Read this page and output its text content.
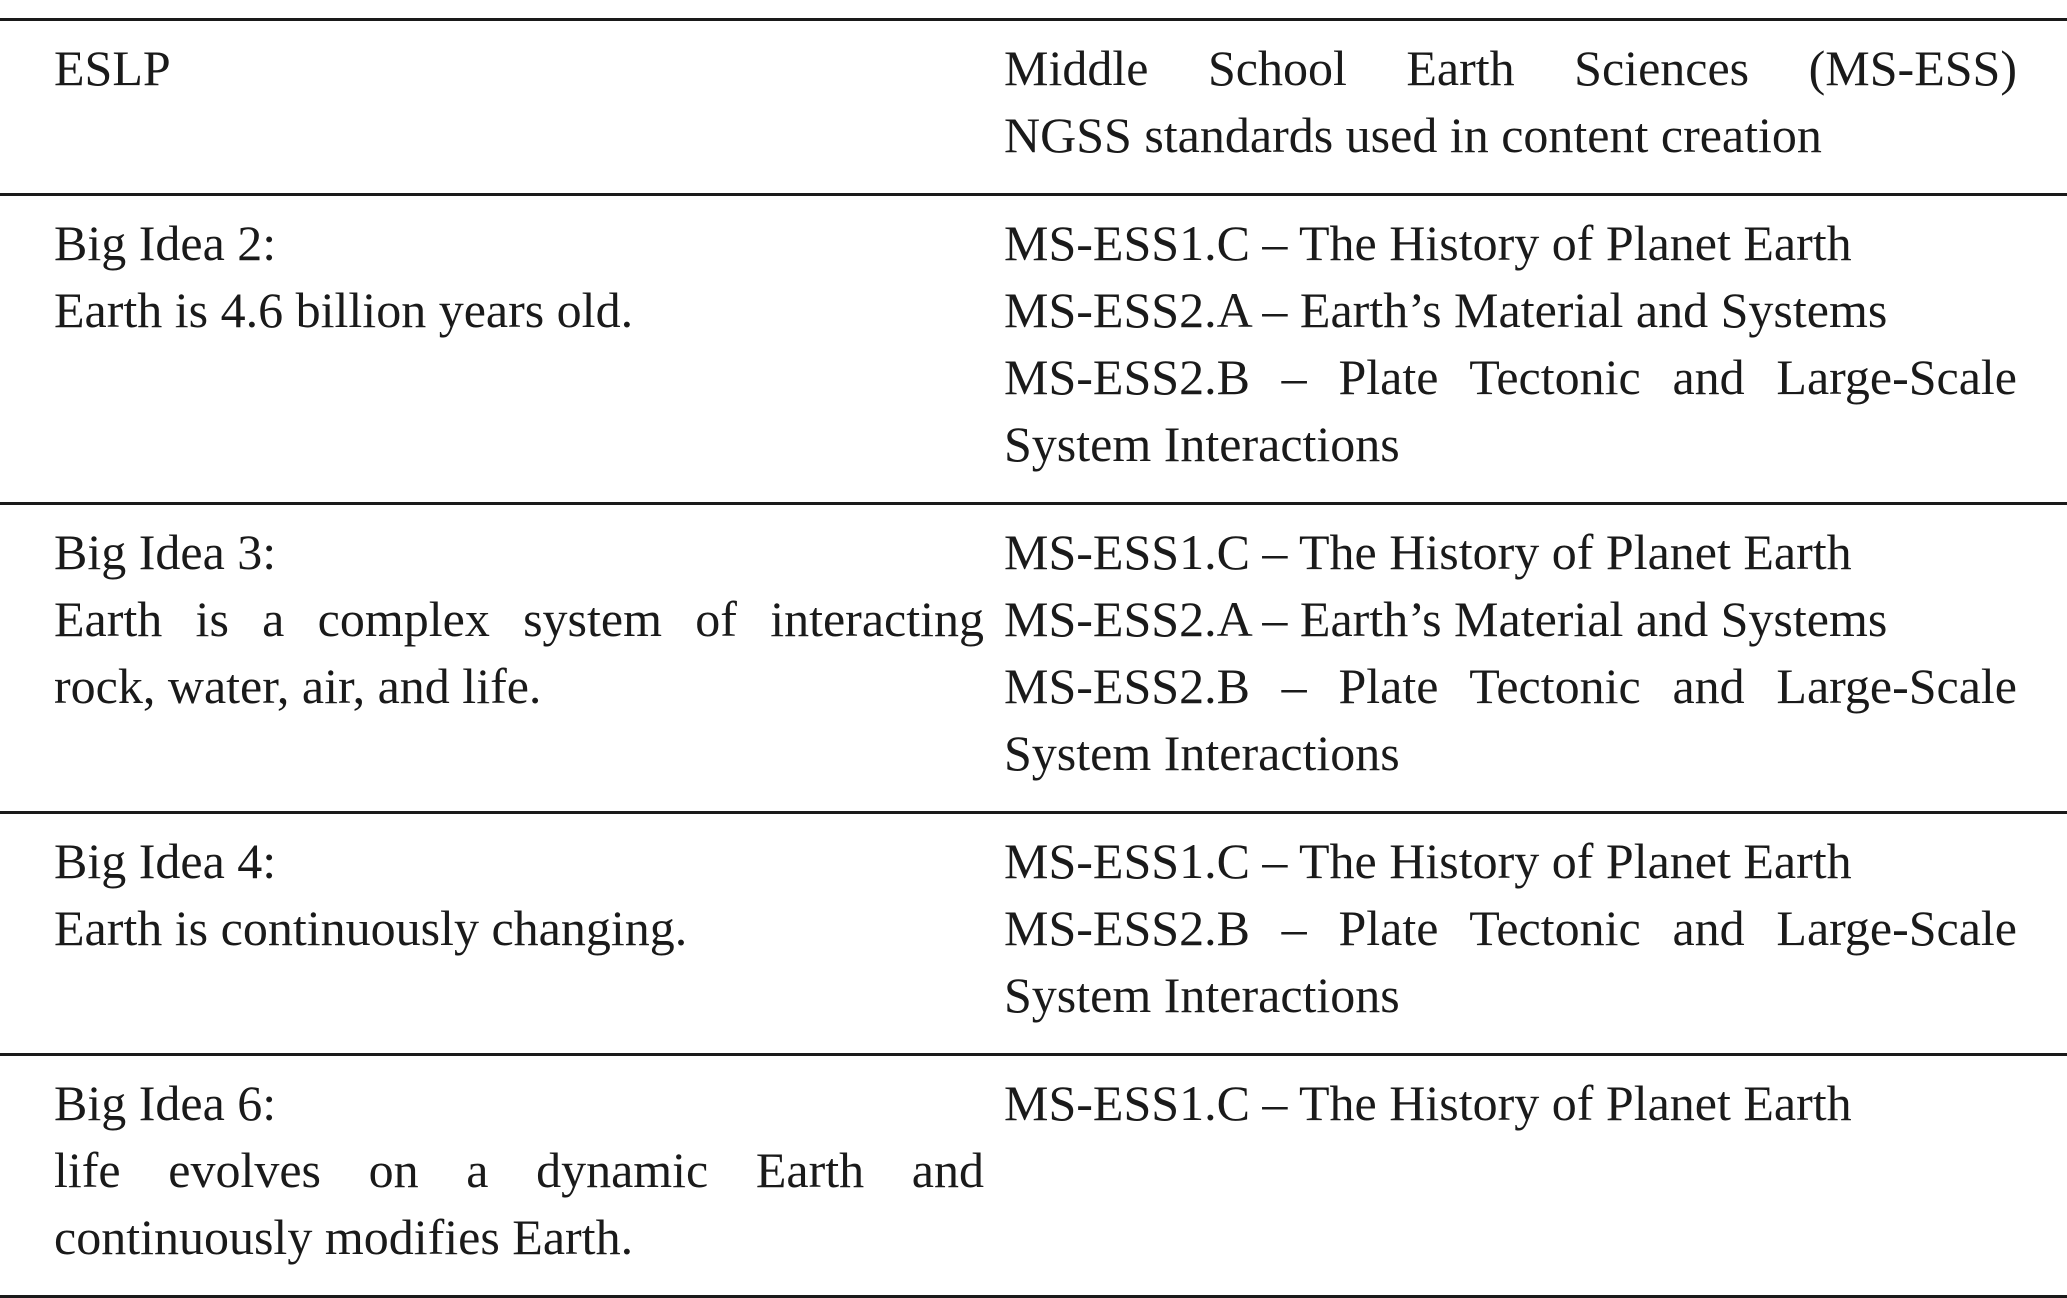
ESLP	Middle School Earth Sciences (MS-ESS)
NGSS standards used in content creation

Big Idea 2:
Earth is 4.6 billion years old.	MS-ESS1.C – The History of Planet Earth
MS-ESS2.A – Earth’s Material and Systems
MS-ESS2.B – Plate Tectonic and Large-Scale
System Interactions

Big Idea 3:
Earth is a complex system of interacting
rock, water, air, and life.	MS-ESS1.C – The History of Planet Earth
MS-ESS2.A – Earth’s Material and Systems
MS-ESS2.B – Plate Tectonic and Large-Scale
System Interactions

Big Idea 4:
Earth is continuously changing.	MS-ESS1.C – The History of Planet Earth
MS-ESS2.B – Plate Tectonic and Large-Scale
System Interactions

Big Idea 6:
life evolves on a dynamic Earth and
continuously modifies Earth.	MS-ESS1.C – The History of Planet Earth
